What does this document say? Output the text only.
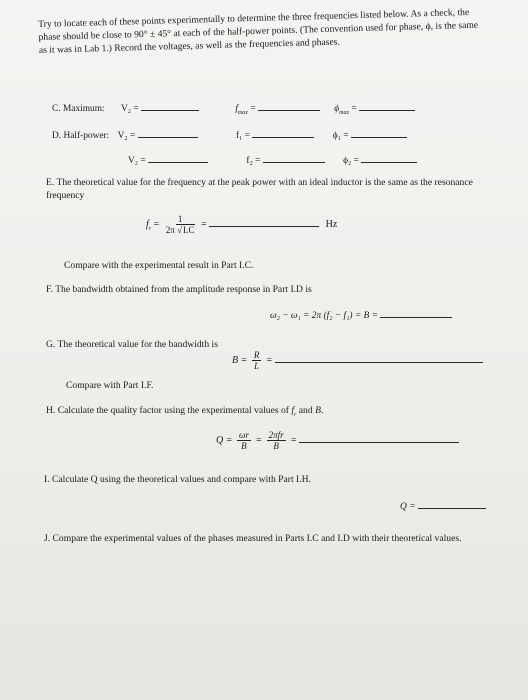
Try to locate each of these points experimentally to determine the three frequencies listed below. As a check, the phase should be close to 90° ± 45° at each of the half-power points. (The convention used for phase, ϕ, is the same as it was in Lab 1.) Record the voltages, as well as the frequencies and phases.
C. Maximum: V₂ =	$f_{max}$ =	$\phi_{max}$ =
D. Half-power: V₂ =	f₁ =	ϕ₁ =
V₂ =	f₂ =	ϕ₂ =
E. The theoretical value for the frequency at the peak power with an ideal inductor is the same as the resonance frequency
$f_r = \frac{1}{2\pi √LC}$ =	Hz
Compare with the experimental result in Part I.C.
F. The bandwidth obtained from the amplitude response in Part I.D is
ω₂ − ω₁ = 2π (f₂ − f₁) = B =
G. The theoretical value for the bandwidth is
$B = \frac{R}{L}$ =
Compare with Part I.F.
H. Calculate the quality factor using the experimental values of $f_r$ and B.
$Q = \frac{\omega r}{B} = \frac{\text{2πfr}}{B}$ =
I. Calculate Q using the theoretical values and compare with Part I.H.
Q =
J. Compare the experimental values of the phases measured in Parts I.C and I.D with their theoretical values.
